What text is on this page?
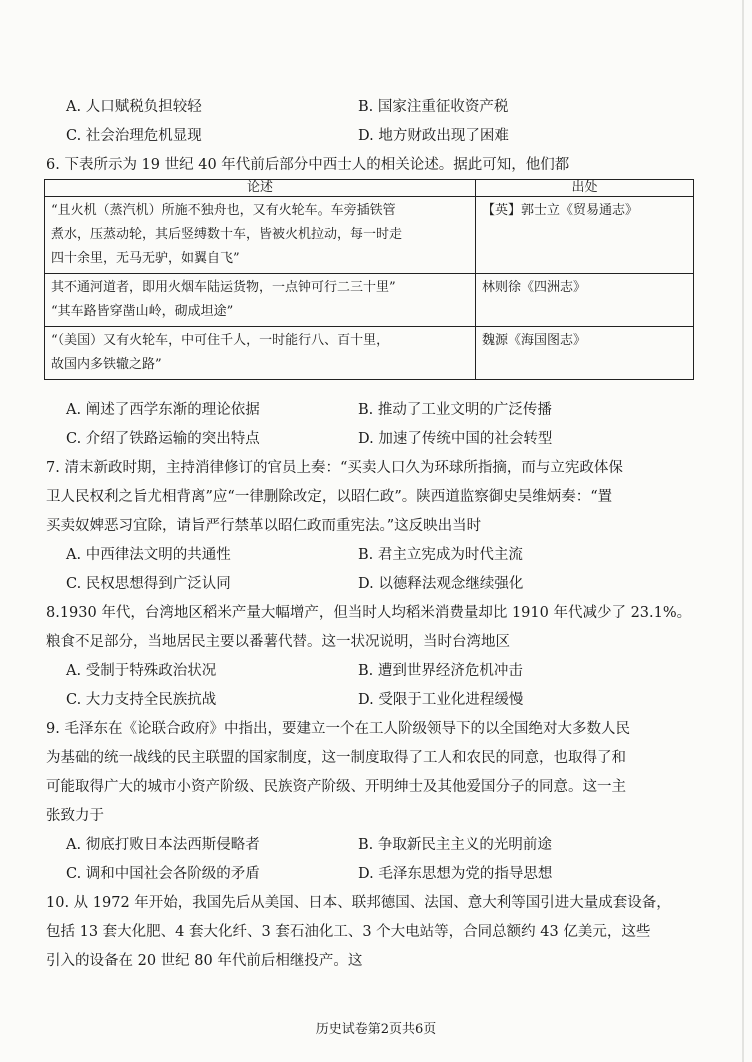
A. 人口赋税负担较轻	B. 国家注重征收资产税
C. 社会治理危机显现	D. 地方财政出现了困难
6. 下表所示为 19 世纪 40 年代前后部分中西士人的相关论述。据此可知，他们都
论述	出处

“且火机（蒸汽机）所施不独舟也，又有火轮车。车旁插铁管
煮水，压蒸动轮，其后竖缚数十车，皆被火机拉动，每一时走
四十余里，无马无驴，如翼自飞”	【英】郭士立《贸易通志》

其不通河道者，即用火烟车陆运货物，一点钟可行二三十里”
“其车路皆穿凿山岭，砌成坦途”	林则徐《四洲志》

“（美国）又有火轮车，中可住千人，一时能行八、百十里，
故国内多铁辙之路”	魏源《海国图志》
A. 阐述了西学东渐的理论依据	B. 推动了工业文明的广泛传播
C. 介绍了铁路运输的突出特点	D. 加速了传统中国的社会转型
7. 清末新政时期，主持消律修订的官员上奏：“买卖人口久为环球所指摘，而与立宪政体保
卫人民权利之旨尤相背离”应“一律删除改定，以昭仁政”。陕西道监察御史吴维炳奏：“置
买卖奴婢恶习宜除，请旨严行禁革以昭仁政而重宪法。”这反映出当时
A. 中西律法文明的共通性	B. 君主立宪成为时代主流
C. 民权思想得到广泛认同	D. 以德释法观念继续强化
8.1930 年代，台湾地区稻米产量大幅增产，但当时人均稻米消费量却比 1910 年代减少了 23.1%。
粮食不足部分，当地居民主要以番薯代替。这一状况说明，当时台湾地区
A. 受制于特殊政治状况	B. 遭到世界经济危机冲击
C. 大力支持全民族抗战	D. 受限于工业化进程缓慢
9. 毛泽东在《论联合政府》中指出，要建立一个在工人阶级领导下的以全国绝对大多数人民
为基础的统一战线的民主联盟的国家制度，这一制度取得了工人和农民的同意，也取得了和
可能取得广大的城市小资产阶级、民族资产阶级、开明绅士及其他爱国分子的同意。这一主
张致力于
A. 彻底打败日本法西斯侵略者	B. 争取新民主主义的光明前途
C. 调和中国社会各阶级的矛盾	D. 毛泽东思想为党的指导思想
10. 从 1972 年开始，我国先后从美国、日本、联邦德国、法国、意大利等国引进大量成套设备，
包括 13 套大化肥、4 套大化纤、3 套石油化工、3 个大电站等，合同总额约 43 亿美元，这些
引入的设备在 20 世纪 80 年代前后相继投产。这
历史试卷第2页共6页
